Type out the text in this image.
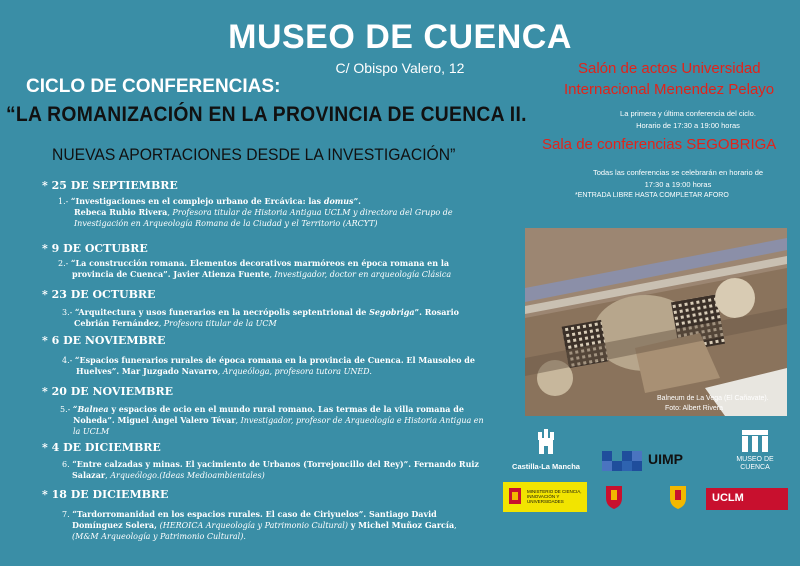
MUSEO DE CUENCA
C/ Obispo Valero, 12
CICLO DE CONFERENCIAS:
“LA ROMANIZACIÓN EN LA PROVINCIA DE CUENCA II.
NUEVAS APORTACIONES DESDE LA INVESTIGACIÓN”
Salón de actos Universidad
Internacional Menendez Pelayo
La primera y última conferencia del ciclo.
Horario de 17:30 a 19:00 horas
Sala de conferencias SEGOBRIGA
Todas las conferencias se celebrarán en horario de
17:30 a 19:00 horas
*ENTRADA LIBRE HASTA COMPLETAR AFORO
* 25 DE SEPTIEMBRE
1.- “Investigaciones en el complejo urbano de Ercávica: las domus”.
Rebeca Rubio Rivera, Profesora titular de Historia Antigua UCLM y directora del Grupo de
Investigación en Arqueología Romana de la Ciudad y el Territorio (ARCYT)
* 9 DE OCTUBRE
2.- “La construcción romana. Elementos decorativos marmóreos en época romana en la
provincia de Cuenca”. Javier Atienza Fuente, Investigador, doctor en arqueología Clásica
* 23 DE OCTUBRE
3.- “Arquitectura y usos funerarios en la necrópolis septentrional de Segobriga”. Rosario
Cebrián Fernández, Profesora titular de la UCM
* 6 DE NOVIEMBRE
4.- “Espacios funerarios rurales de época romana en la provincia de Cuenca. El Mausoleo de
Huelves”. Mar Juzgado Navarro, Arqueóloga, profesora tutora UNED.
* 20 DE NOVIEMBRE
5.- “Balnea y espacios de ocio en el mundo rural romano. Las termas de la villa romana de
Noheda”. Miguel Ángel Valero Tévar, Investigador, profesor de Arqueología e Historia Antigua en
la UCLM
* 4 DE DICIEMBRE
6. “Entre calzadas y minas. El yacimiento de Urbanos (Torrejoncillo del Rey)”. Fernando Ruiz
Salazar, Arqueólogo.(Ideas Medioambientales)
* 18 DE DICIEMBRE
7. “Tardorromanidad en los espacios rurales. El caso de Ciriyuelos”. Santiago David
Domínguez Solera, (HEROICA Arqueología y Patrimonio Cultural) y Michel Muñoz García,
(M&M Arqueología y Patrimonio Cultural).
Balneum de La Vega (El Cañavate).
Foto: Albert Rivera
Castilla-La Mancha	UIMP	MUSEO DE CUENCA
MINISTERIO DE CIENCIA, INNOVACIÓN Y UNIVERSIDADES	UCLM
